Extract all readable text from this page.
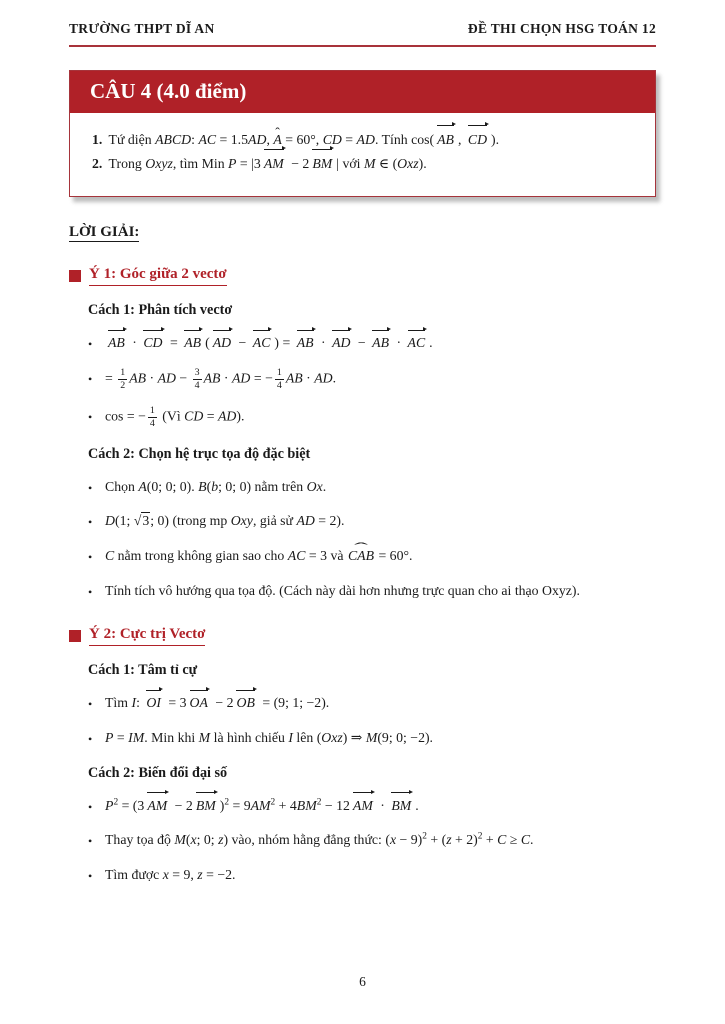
TRƯỜNG THPT DĨ AN	ĐỀ THI CHỌN HSG TOÁN 12
CÂU 4 (4.0 điểm)
1. Tứ diện ABCD: AC = 1.5AD, ˆ A = 60°, CD = AD. Tính cos( AB , CD ).
2. Trong Oxyz, tìm Min P = |3 AM − 2 BM | với M ∈ (Oxz).
LỜI GIẢI:
Ý 1: Góc giữa 2 vectơ
Cách 1: Phân tích vectơ
•	AB · CD = AB ( AD − AC ) = AB · AD − AB · AC .
• = $\frac{1}{2}$ AB · AD − $\frac{3}{4}$ AB · AD = − $\frac{1}{4}$ AB · AD.
• cos = − $\frac{1}{4}$ (Vì CD = AD).
Cách 2: Chọn hệ trục tọa độ đặc biệt
• Chọn A(0; 0; 0). B(b; 0; 0) nằm trên Ox.
• D(1; √3; 0) (trong mp Oxy, giả sử AD = 2).
• C nằm trong không gian sao cho AC = 3 và ˆ CAB = 60°.
• Tính tích vô hướng qua tọa độ. (Cách này dài hơn nhưng trực quan cho ai thạo Oxyz).
Ý 2: Cực trị Vectơ
Cách 1: Tâm tỉ cự
• Tìm I: OI = 3 OA − 2 OB = (9; 1; −2).
• P = IM. Min khi M là hình chiếu I lên (Oxz) ⇒ M(9; 0; −2).
Cách 2: Biến đổi đại số
• $P^2 = (3$ AM − 2 BM )$^2 = 9AM^2 + 4BM^2 - 12$ AM · BM .
• Thay tọa độ M(x; 0; z) vào, nhóm hằng đẳng thức: $(x - 9)^2 + (z + 2)^2 + C \ge C$.
• Tìm được x = 9, z = −2.
6
